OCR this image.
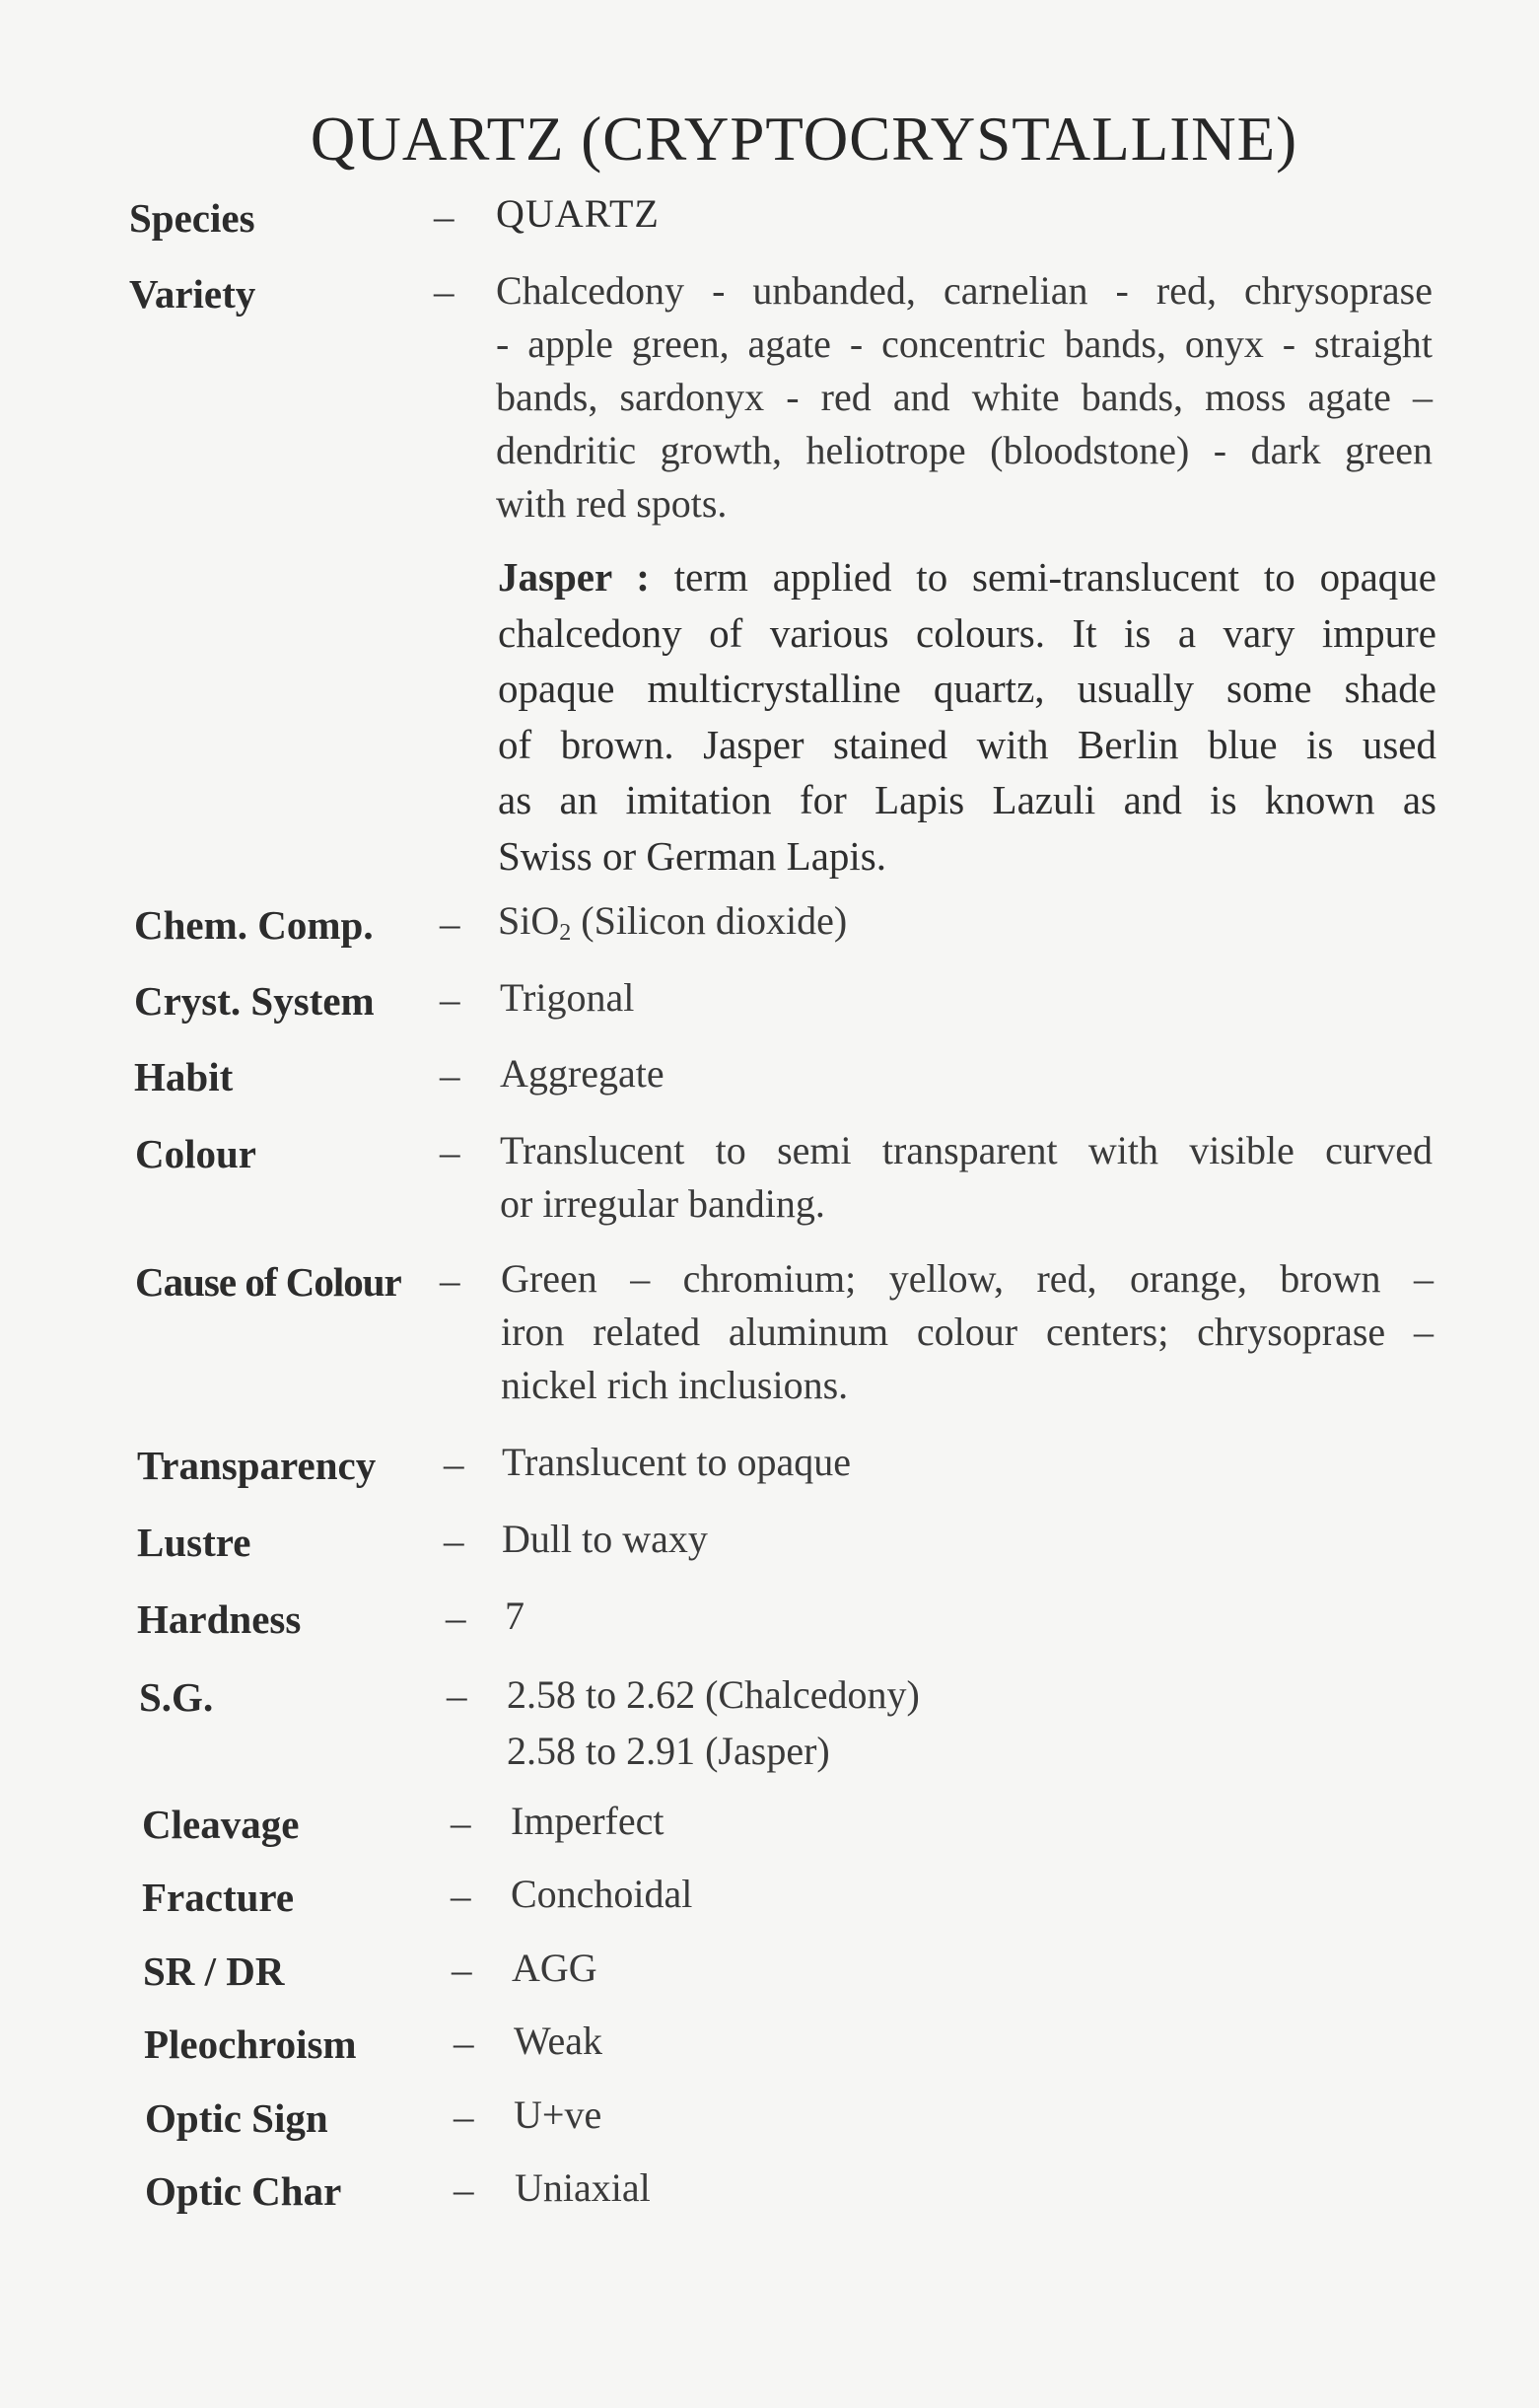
QUARTZ (CRYPTOCRYSTALLINE)
Species	– QUARTZ
Variety	– Chalcedony - unbanded, carnelian - red, chrysoprase
- apple green, agate - concentric bands, onyx - straight
bands, sardonyx - red and white bands, moss agate –
dendritic growth, heliotrope (bloodstone) - dark green
with red spots.
Jasper : term applied to semi-translucent to opaque
chalcedony of various colours. It is a vary impure
opaque multicrystalline quartz, usually some shade
of brown. Jasper stained with Berlin blue is used
as an imitation for Lapis Lazuli and is known as
Swiss or German Lapis.
Chem. Comp. – SiO$_2$ (Silicon dioxide)
Cryst. System – Trigonal
Habit	– Aggregate
Colour	– Translucent to semi transparent with visible curved
or irregular banding.
Cause of Colour – Green – chromium; yellow, red, orange, brown –
iron related aluminum colour centers; chrysoprase –
nickel rich inclusions.
Transparency – Translucent to opaque
Lustre	– Dull to waxy
Hardness	– 7
S.G.	– 2.58 to 2.62 (Chalcedony)
2.58 to 2.91 (Jasper)
Cleavage	– Imperfect
Fracture	– Conchoidal
SR / DR	– AGG
Pleochroism – Weak
Optic Sign	– U+ve
Optic Char	– Uniaxial
